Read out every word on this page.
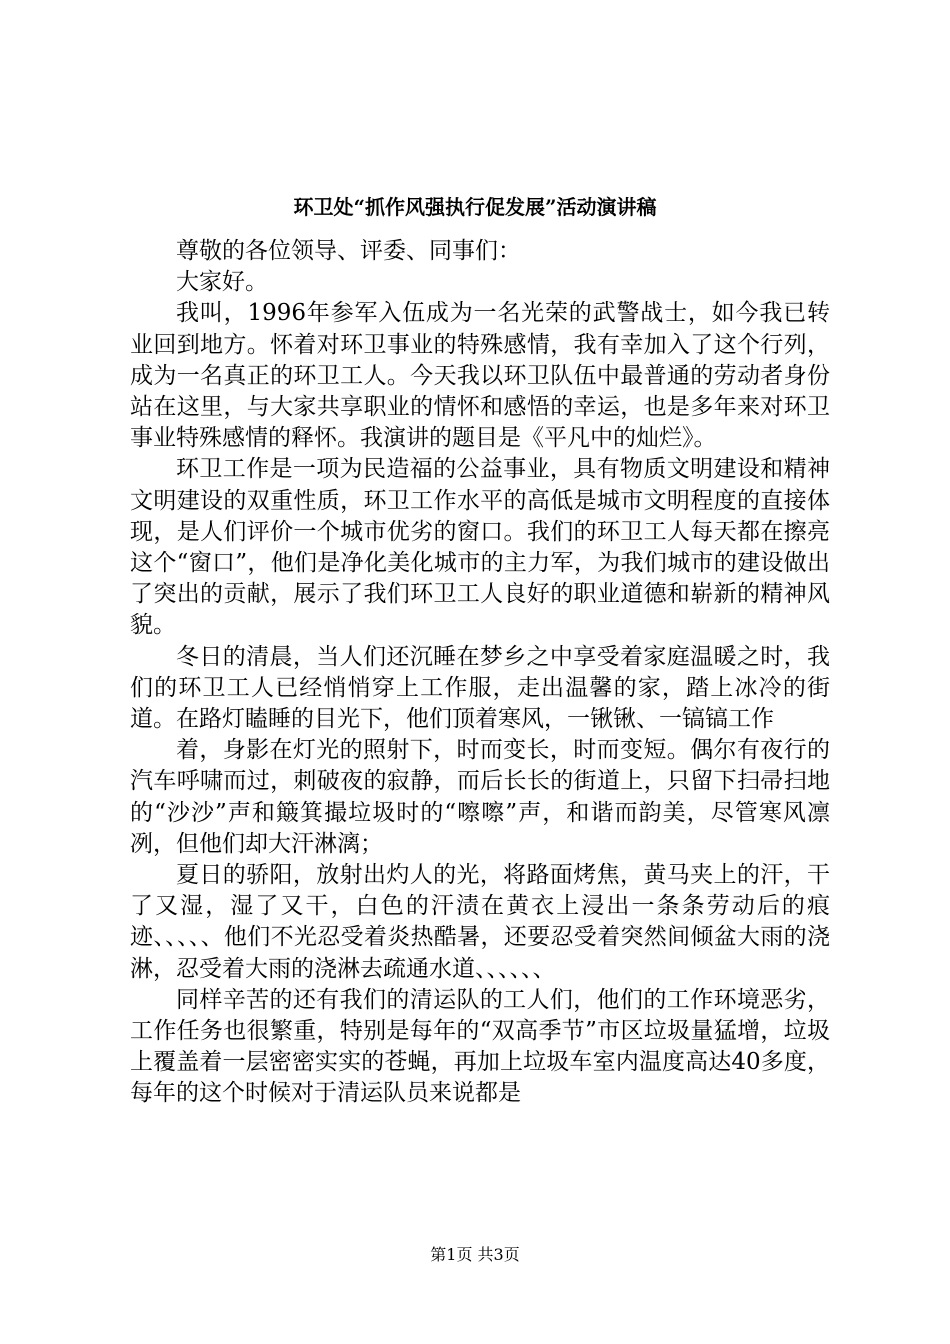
环卫处“抓作风强执行促发展”活动演讲稿

尊敬的各位领导、评委、同事们：

大家好。

我叫，1996年参军入伍成为一名光荣的武警战士，如今我已转业回到地方。怀着对环卫事业的特殊感情，我有幸加入了这个行列，成为一名真正的环卫工人。今天我以环卫队伍中最普通的劳动者身份站在这里，与大家共享职业的情怀和感悟的幸运，也是多年来对环卫事业特殊感情的释怀。我演讲的题目是《平凡中的灿烂》。

环卫工作是一项为民造福的公益事业，具有物质文明建设和精神文明建设的双重性质，环卫工作水平的高低是城市文明程度的直接体现，是人们评价一个城市优劣的窗口。我们的环卫工人每天都在擦亮这个“窗口”，他们是净化美化城市的主力军，为我们城市的建设做出了突出的贡献，展示了我们环卫工人良好的职业道德和崭新的精神风貌。

冬日的清晨，当人们还沉睡在梦乡之中享受着家庭温暖之时，我们的环卫工人已经悄悄穿上工作服，走出温馨的家，踏上冰冷的街道。在路灯瞌睡的目光下，他们顶着寒风，一锹锹、一镐镐工作

着，身影在灯光的照射下，时而变长，时而变短。偶尔有夜行的汽车呼啸而过，刺破夜的寂静，而后长长的街道上，只留下扫帚扫地的“沙沙”声和簸箕撮垃圾时的“嚓嚓”声，和谐而韵美，尽管寒风凛冽，但他们却大汗淋漓；

夏日的骄阳，放射出灼人的光，将路面烤焦，黄马夹上的汗，干了又湿，湿了又干，白色的汗渍在黄衣上浸出一条条劳动后的痕迹、、、、、他们不光忍受着炎热酷暑，还要忍受着突然间倾盆大雨的浇淋，忍受着大雨的浇淋去疏通水道、、、、、、

同样辛苦的还有我们的清运队的工人们，他们的工作环境恶劣，工作任务也很繁重，特别是每年的“双高季节”市区垃圾量猛增，垃圾上覆盖着一层密密实实的苍蝇，再加上垃圾车室内温度高达40多度，每年的这个时候对于清运队员来说都是

第1页 共3页
